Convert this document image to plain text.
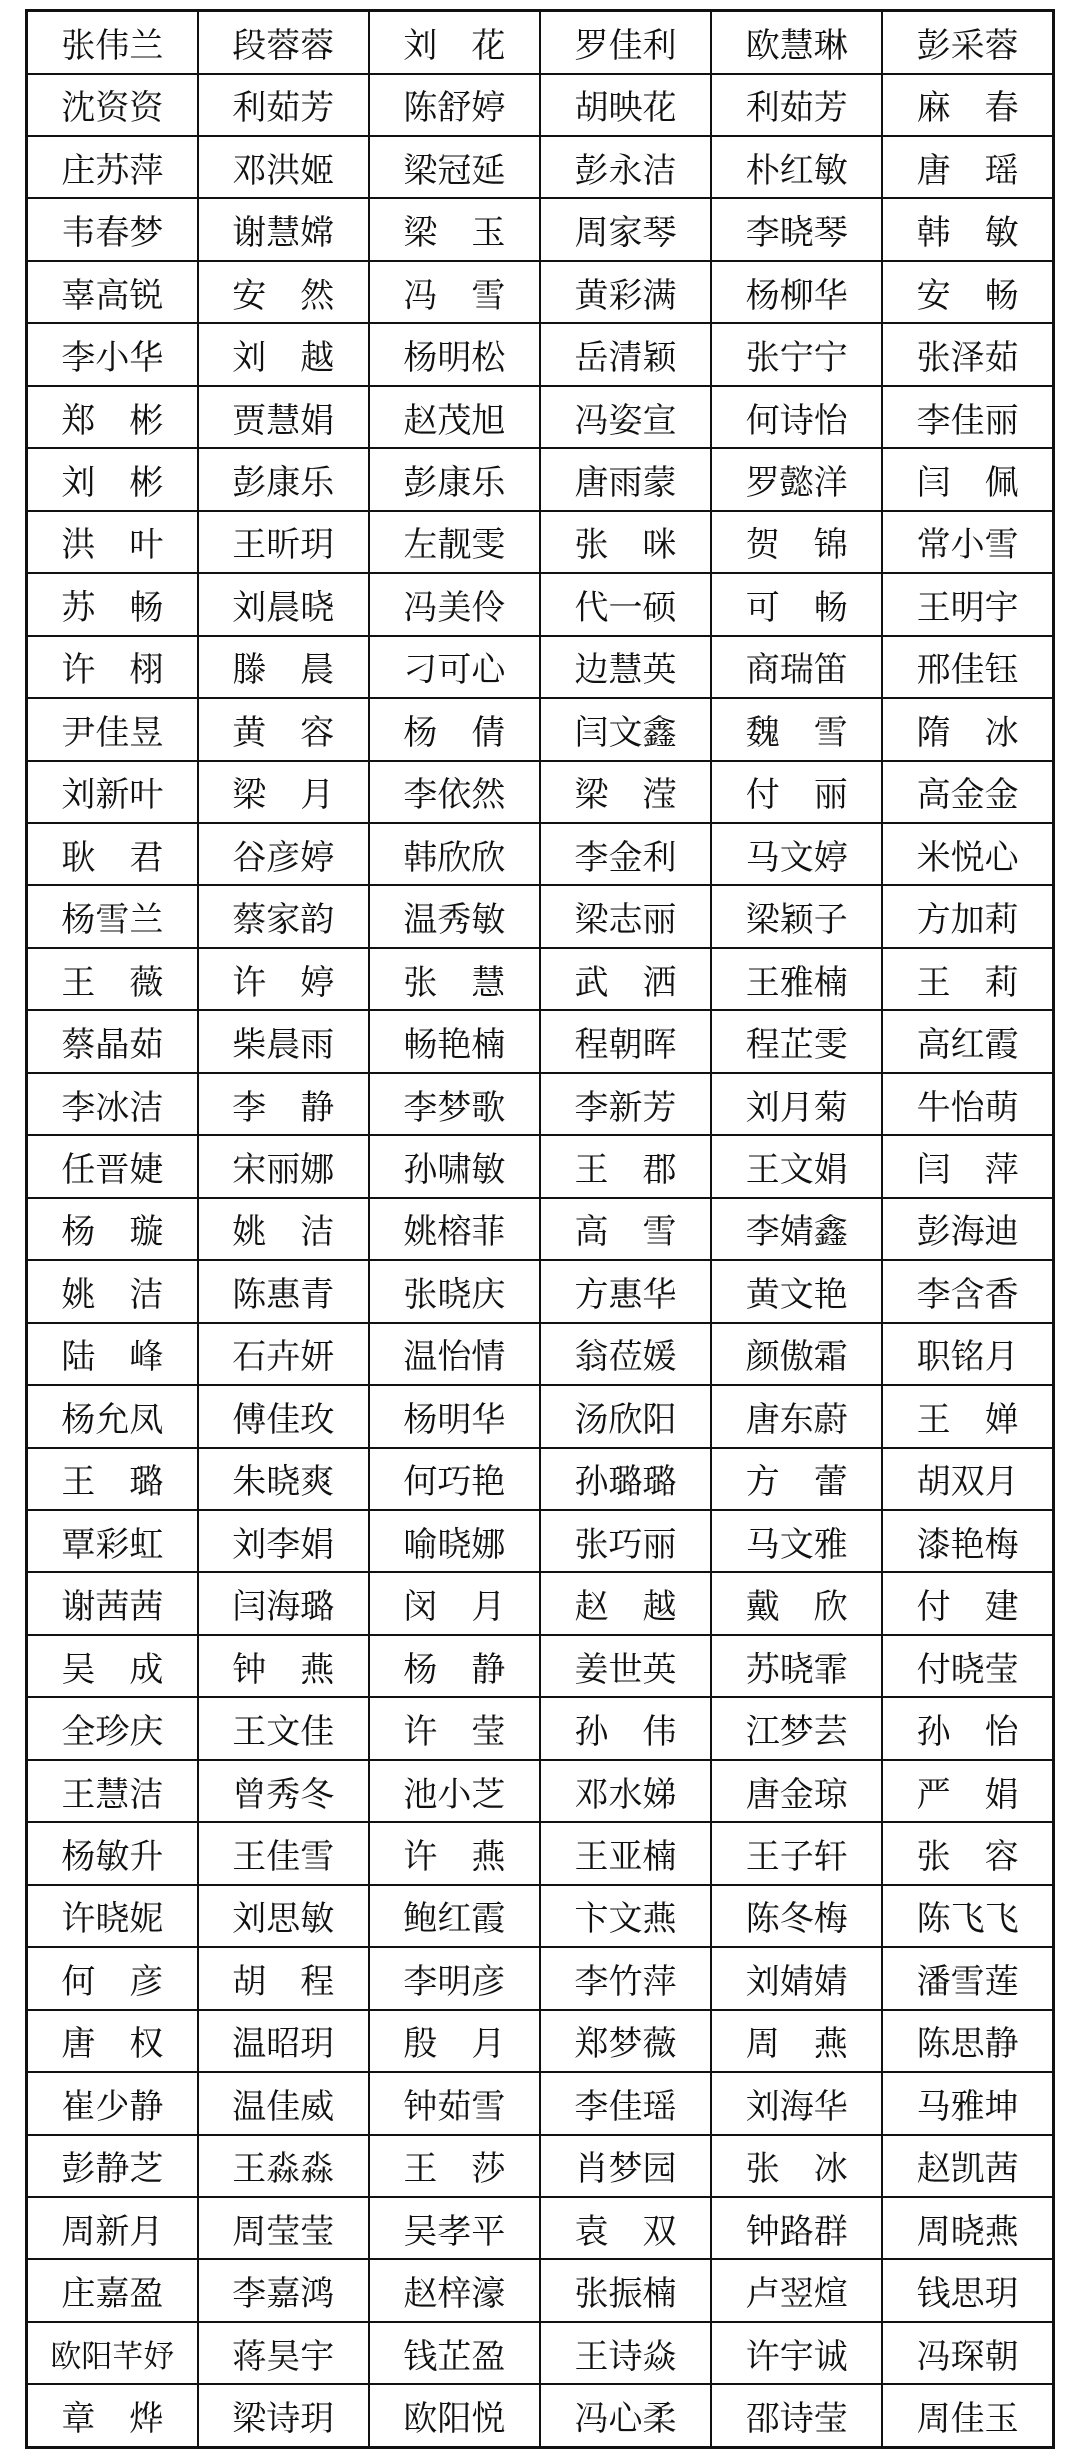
张伟兰	段蓉蓉	刘　花	罗佳利	欧慧琳	彭采蓉
沈资资	利茹芳	陈舒婷	胡映花	利茹芳	麻　春
庄苏萍	邓洪姬	梁冠延	彭永洁	朴红敏	唐　瑶
韦春梦	谢慧嫦	梁　玉	周家琴	李晓琴	韩　敏
辜高锐	安　然	冯　雪	黄彩满	杨柳华	安　畅
李小华	刘　越	杨明松	岳清颖	张宁宁	张泽茹
郑　彬	贾慧娟	赵茂旭	冯姿宣	何诗怡	李佳丽
刘　彬	彭康乐	彭康乐	唐雨蒙	罗懿洋	闫　佩
洪　叶	王昕玥	左靓雯	张　咪	贺　锦	常小雪
苏　畅	刘晨晓	冯美伶	代一硕	可　畅	王明宇
许　栩	滕　晨	刁可心	边慧英	商瑞笛	邢佳钰
尹佳昱	黄　容	杨　倩	闫文鑫	魏　雪	隋　冰
刘新叶	梁　月	李依然	梁　滢	付　丽	高金金
耿　君	谷彦婷	韩欣欣	李金利	马文婷	米悦心
杨雪兰	蔡家韵	温秀敏	梁志丽	梁颖子	方加莉
王　薇	许　婷	张　慧	武　洒	王雅楠	王　莉
蔡晶茹	柴晨雨	畅艳楠	程朝晖	程芷雯	高红霞
李冰洁	李　静	李梦歌	李新芳	刘月菊	牛怡萌
任晋婕	宋丽娜	孙啸敏	王　郡	王文娟	闫　萍
杨　璇	姚　洁	姚榕菲	高　雪	李婧鑫	彭海迪
姚　洁	陈惠青	张晓庆	方惠华	黄文艳	李含香
陆　峰	石卉妍	温怡情	翁莅媛	颜傲霜	职铭月
杨允凤	傅佳玫	杨明华	汤欣阳	唐东蔚	王　婵
王　璐	朱晓爽	何巧艳	孙璐璐	方　蕾	胡双月
覃彩虹	刘李娟	喻晓娜	张巧丽	马文雅	漆艳梅
谢茜茜	闫海璐	闵　月	赵　越	戴　欣	付　建
吴　成	钟　燕	杨　静	姜世英	苏晓霏	付晓莹
全珍庆	王文佳	许　莹	孙　伟	江梦芸	孙　怡
王慧洁	曾秀冬	池小芝	邓水娣	唐金琼	严　娟
杨敏升	王佳雪	许　燕	王亚楠	王子轩	张　容
许晓妮	刘思敏	鲍红霞	卞文燕	陈冬梅	陈飞飞
何　彦	胡　程	李明彦	李竹萍	刘婧婧	潘雪莲
唐　权	温昭玥	殷　月	郑梦薇	周　燕	陈思静
崔少静	温佳威	钟茹雪	李佳瑶	刘海华	马雅坤
彭静芝	王淼淼	王　莎	肖梦园	张　冰	赵凯茜
周新月	周莹莹	吴孝平	袁　双	钟路群	周晓燕
庄嘉盈	李嘉鸿	赵梓濠	张振楠	卢翌煊	钱思玥
欧阳芊妤	蒋昊宇	钱芷盈	王诗焱	许宇诚	冯琛朝
章　烨	梁诗玥	欧阳悦	冯心柔	邵诗莹	周佳玉
